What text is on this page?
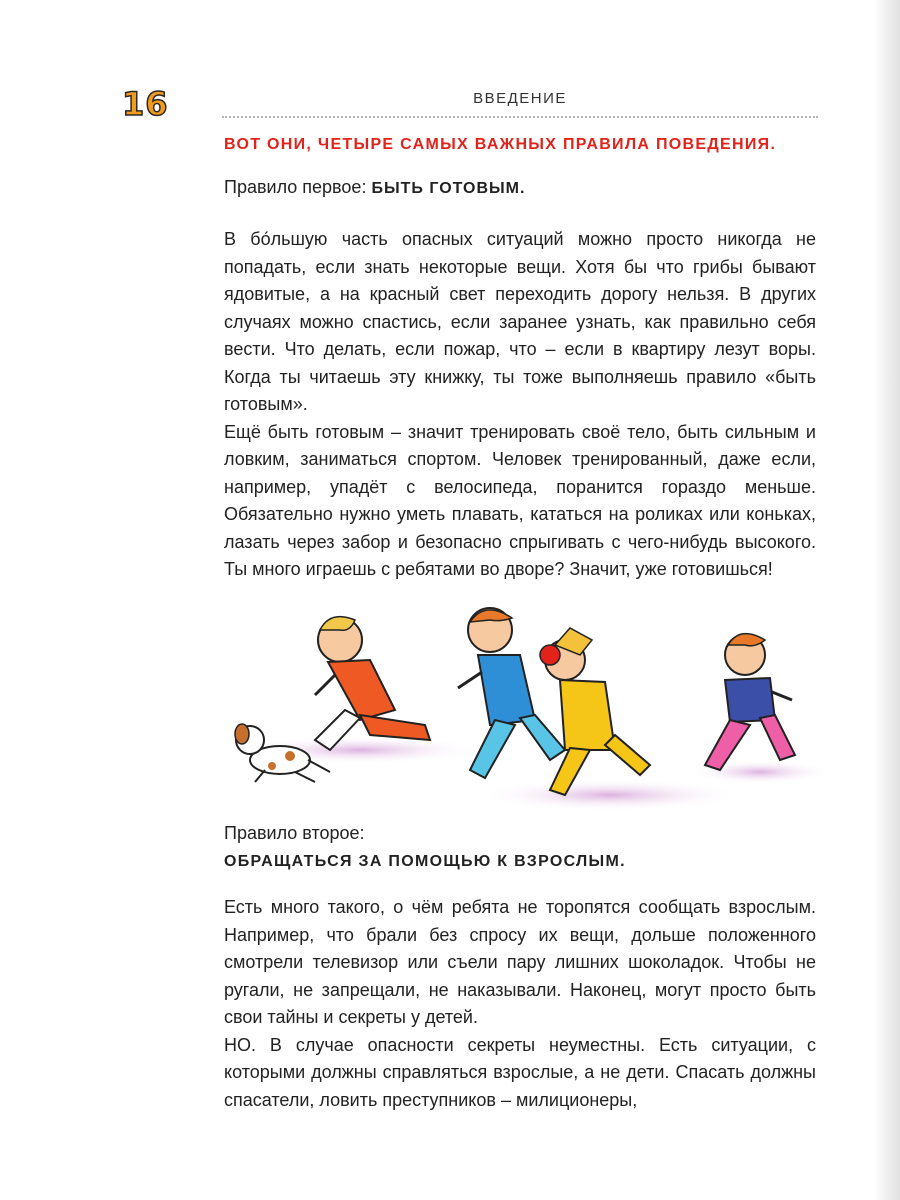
16	ВВЕДЕНИЕ
ВОТ ОНИ, ЧЕТЫРЕ САМЫХ ВАЖНЫХ ПРАВИЛА ПОВЕДЕНИЯ.
Правило первое: БЫТЬ ГОТОВЫМ.

В бо́льшую часть опасных ситуаций можно просто никогда не попадать, если знать некоторые вещи. Хотя бы что грибы бывают ядовитые, а на красный свет переходить дорогу нельзя. В других случаях можно спастись, если заранее узнать, как правильно себя вести. Что делать, если пожар, что – если в квартиру лезут воры. Когда ты читаешь эту книжку, ты тоже выполняешь правило «быть готовым».
Ещё быть готовым – значит тренировать своё тело, быть сильным и ловким, заниматься спортом. Человек тренированный, даже если, например, упадёт с велосипеда, поранится гораздо меньше. Обязательно нужно уметь плавать, кататься на роликах или коньках, лазать через забор и безопасно спрыгивать с чего-нибудь высокого. Ты много играешь с ребятами во дворе? Значит, уже готовишься!

Правило второе:
ОБРАЩАТЬСЯ ЗА ПОМОЩЬЮ К ВЗРОСЛЫМ.

Есть много такого, о чём ребята не торопятся сообщать взрослым. Например, что брали без спросу их вещи, дольше положенного смотрели телевизор или съели пару лишних шоколадок. Чтобы не ругали, не запрещали, не наказывали. Наконец, могут просто быть свои тайны и секреты у детей.
НО. В случае опасности секреты неуместны. Есть ситуации, с которыми должны справляться взрослые, а не дети. Спасать должны спасатели, ловить преступников – милиционеры,
